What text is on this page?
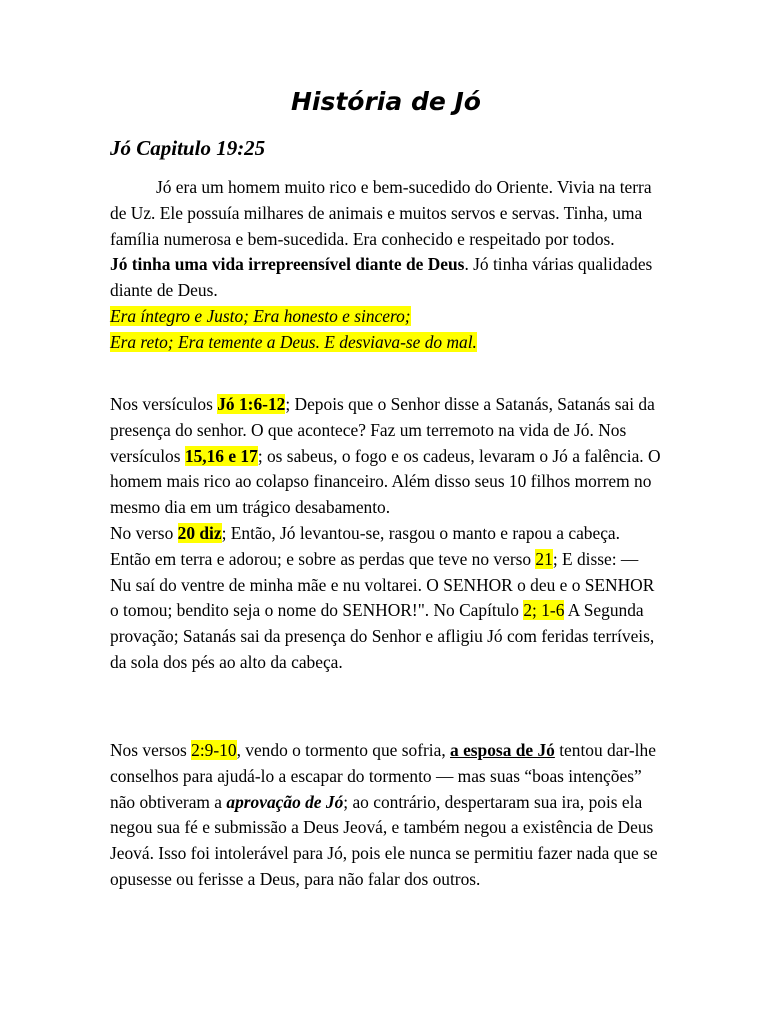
História de Jó
Jó Capitulo 19:25

Jó era um homem muito rico e bem-sucedido do Oriente. Vivia na terra de Uz. Ele possuía milhares de animais e muitos servos e servas. Tinha, uma família numerosa e bem-sucedida. Era conhecido e respeitado por todos.
Jó tinha uma vida irrepreensível diante de Deus. Jó tinha várias qualidades diante de Deus.
Era íntegro e Justo; Era honesto e sincero;
Era reto; Era temente a Deus. E desviava-se do mal.

Nos versículos Jó 1:6-12; Depois que o Senhor disse a Satanás, Satanás sai da presença do senhor. O que acontece? Faz um terremoto na vida de Jó. Nos versículos 15,16 e 17; os sabeus, o fogo e os cadeus, levaram o Jó a falência. O homem mais rico ao colapso financeiro. Além disso seus 10 filhos morrem no mesmo dia em um trágico desabamento.
No verso 20 diz; Então, Jó levantou-se, rasgou o manto e rapou a cabeça. Então em terra e adorou; e sobre as perdas que teve no verso 21; E disse: — Nu saí do ventre de minha mãe e nu voltarei. O SENHOR o deu e o SENHOR o tomou; bendito seja o nome do SENHOR!". No Capítulo 2; 1-6 A Segunda provação; Satanás sai da presença do Senhor e afligiu Jó com feridas terríveis, da sola dos pés ao alto da cabeça.

Nos versos 2:9-10, vendo o tormento que sofria, a esposa de Jó tentou dar-lhe conselhos para ajudá-lo a escapar do tormento — mas suas “boas intenções” não obtiveram a aprovação de Jó; ao contrário, despertaram sua ira, pois ela negou sua fé e submissão a Deus Jeová, e também negou a existência de Deus Jeová. Isso foi intolerável para Jó, pois ele nunca se permitiu fazer nada que se opusesse ou ferisse a Deus, para não falar dos outros.
